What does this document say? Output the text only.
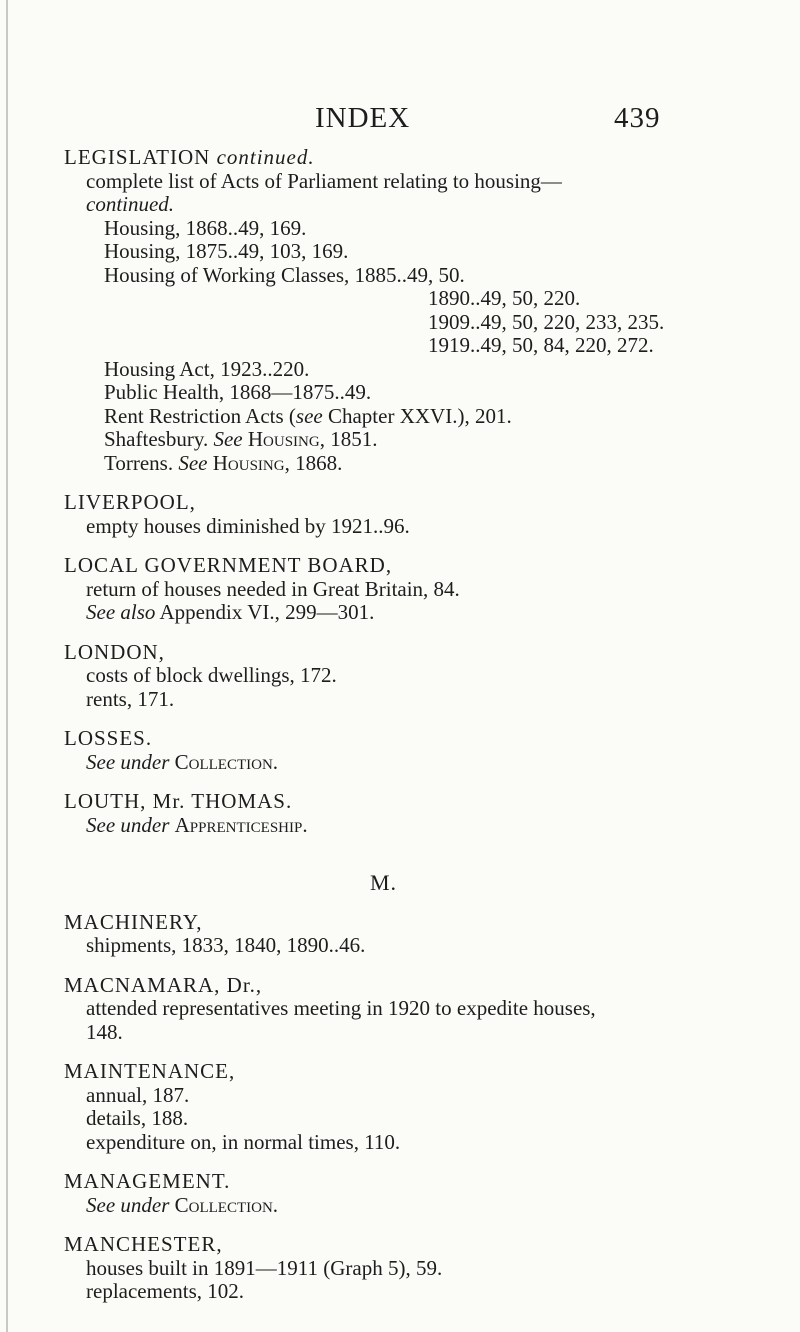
INDEX	439
LEGISLATION continued.
complete list of Acts of Parliament relating to housing—
continued.
Housing, 1868..49, 169.
Housing, 1875..49, 103, 169.
Housing of Working Classes, 1885..49, 50.
1890..49, 50, 220.
1909..49, 50, 220, 233, 235.
1919..49, 50, 84, 220, 272.
Housing Act, 1923..220.
Public Health, 1868—1875..49.
Rent Restriction Acts (see Chapter XXVI.), 201.
Shaftesbury. See Housing, 1851.
Torrens. See Housing, 1868.
LIVERPOOL,
empty houses diminished by 1921..96.
LOCAL GOVERNMENT BOARD,
return of houses needed in Great Britain, 84.
See also Appendix VI., 299—301.
LONDON,
costs of block dwellings, 172.
rents, 171.
LOSSES.
See under Collection.
LOUTH, Mr. THOMAS.
See under Apprenticeship.
M.
MACHINERY,
shipments, 1833, 1840, 1890..46.
MACNAMARA, Dr.,
attended representatives meeting in 1920 to expedite houses,
148.
MAINTENANCE,
annual, 187.
details, 188.
expenditure on, in normal times, 110.
MANAGEMENT.
See under Collection.
MANCHESTER,
houses built in 1891—1911 (Graph 5), 59.
replacements, 102.
